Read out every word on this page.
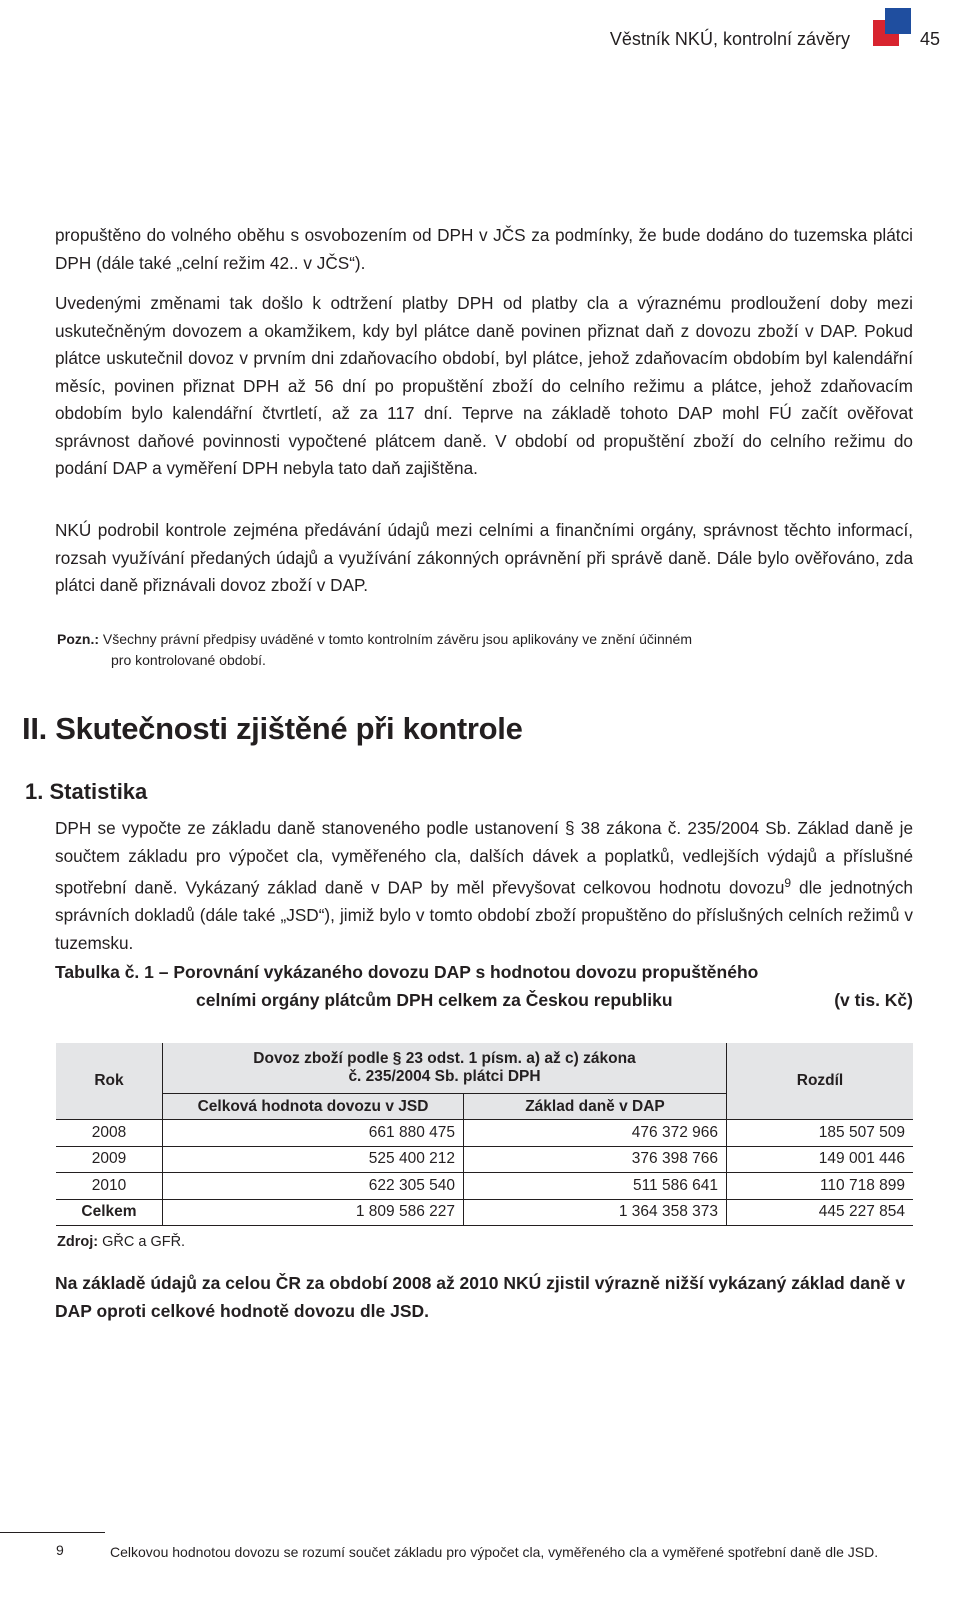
Věstník NKÚ, kontrolní závěry	45

propuštěno do volného oběhu s osvobozením od DPH v JČS za podmínky, že bude dodáno do tuzemska plátci DPH (dále také „celní režim 42.. v JČS“).

Uvedenými změnami tak došlo k odtržení platby DPH od platby cla a výraznému prodloužení doby mezi uskutečněným dovozem a okamžikem, kdy byl plátce daně povinen přiznat daň z dovozu zboží v DAP. Pokud plátce uskutečnil dovoz v prvním dni zdaňovacího období, byl plátce, jehož zdaňovacím obdobím byl kalendářní měsíc, povinen přiznat DPH až 56 dní po propuštění zboží do celního režimu a plátce, jehož zdaňovacím obdobím bylo kalendářní čtvrtletí, až za 117 dní. Teprve na základě tohoto DAP mohl FÚ začít ověřovat správnost daňové povinnosti vypočtené plátcem daně. V období od propuštění zboží do celního režimu do podání DAP a vyměření DPH nebyla tato daň zajištěna.

NKÚ podrobil kontrole zejména předávání údajů mezi celními a finančními orgány, správnost těchto informací, rozsah využívání předaných údajů a využívání zákonných oprávnění při správě daně. Dále bylo ověřováno, zda plátci daně přiznávali dovoz zboží v DAP.

Pozn.: Všechny právní předpisy uváděné v tomto kontrolním závěru jsou aplikovány ve znění účinném
pro kontrolované období.
II. Skutečnosti zjištěné při kontrole
1. Statistika

DPH se vypočte ze základu daně stanoveného podle ustanovení § 38 zákona č. 235/2004 Sb. Základ daně je součtem základu pro výpočet cla, vyměřeného cla, dalších dávek a poplatků, vedlejších výdajů a příslušné spotřební daně. Vykázaný základ daně v DAP by měl převyšovat celkovou hodnotu dovozu$^9$ dle jednotných správních dokladů (dále také „JSD“), jimiž bylo v tomto období zboží propuštěno do příslušných celních režimů v tuzemsku.

Tabulka č. 1 – Porovnání vykázaného dovozu DAP s hodnotou dovozu propuštěného
celními orgány plátcům DPH celkem za Českou republiku	(v tis. Kč)
Rok	Dovoz zboží podle § 23 odst. 1 písm. a) až c) zákona
č. 235/2004 Sb. plátci DPH		Rozdíl
	Celková hodnota dovozu v JSD	Základ daně v DAP	
2008	661 880 475	476 372 966	185 507 509
2009	525 400 212	376 398 766	149 001 446
2010	622 305 540	511 586 641	110 718 899
Celkem	1 809 586 227	1 364 358 373	445 227 854
Zdroj: GŘC a GFŘ.
Na základě údajů za celou ČR za období 2008 až 2010 NKÚ zjistil výrazně nižší vykázaný základ daně v DAP oproti celkové hodnotě dovozu dle JSD.
9	Celkovou hodnotou dovozu se rozumí součet základu pro výpočet cla, vyměřeného cla a vyměřené spotřební daně dle JSD.
